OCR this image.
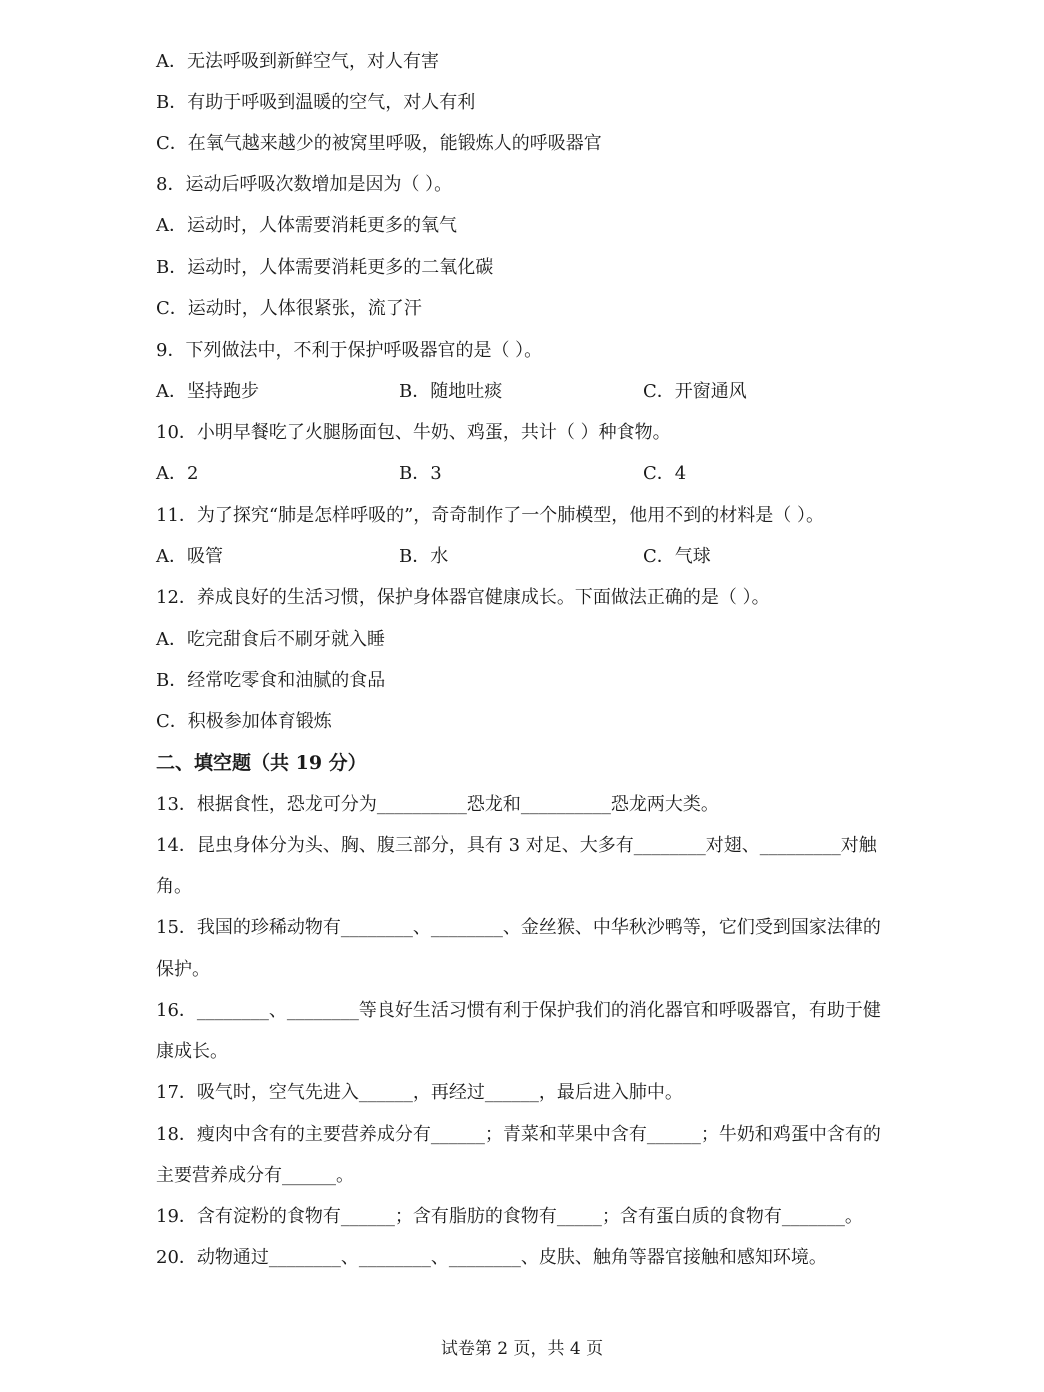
A．无法呼吸到新鲜空气，对人有害
B．有助于呼吸到温暖的空气，对人有利
C．在氧气越来越少的被窝里呼吸，能锻炼人的呼吸器官
8．运动后呼吸次数增加是因为（ ）。
A．运动时，人体需要消耗更多的氧气
B．运动时，人体需要消耗更多的二氧化碳
C．运动时，人体很紧张，流了汗
9．下列做法中，不利于保护呼吸器官的是（ ）。
A．坚持跑步	B．随地吐痰	C．开窗通风
10．小明早餐吃了火腿肠面包、牛奶、鸡蛋，共计（ ）种食物。
A．2	B．3	C．4
11．为了探究“肺是怎样呼吸的”，奇奇制作了一个肺模型，他用不到的材料是（ ）。
A．吸管	B．水	C．气球
12．养成良好的生活习惯，保护身体器官健康成长。下面做法正确的是（ ）。
A．吃完甜食后不刷牙就入睡
B．经常吃零食和油腻的食品
C．积极参加体育锻炼
二、填空题（共 19 分）
13．根据食性，恐龙可分为__________恐龙和__________恐龙两大类。
14．昆虫身体分为头、胸、腹三部分，具有 3 对足、大多有________对翅、_________对触
角。
15．我国的珍稀动物有________、________、金丝猴、中华秋沙鸭等，它们受到国家法律的
保护。
16．________、________等良好生活习惯有利于保护我们的消化器官和呼吸器官，有助于健
康成长。
17．吸气时，空气先进入______，再经过______，最后进入肺中。
18．瘦肉中含有的主要营养成分有______；青菜和苹果中含有______；牛奶和鸡蛋中含有的
主要营养成分有______。
19．含有淀粉的食物有______；含有脂肪的食物有_____；含有蛋白质的食物有_______。
20．动物通过________、________、________、皮肤、触角等器官接触和感知环境。
试卷第 2 页，共 4 页
